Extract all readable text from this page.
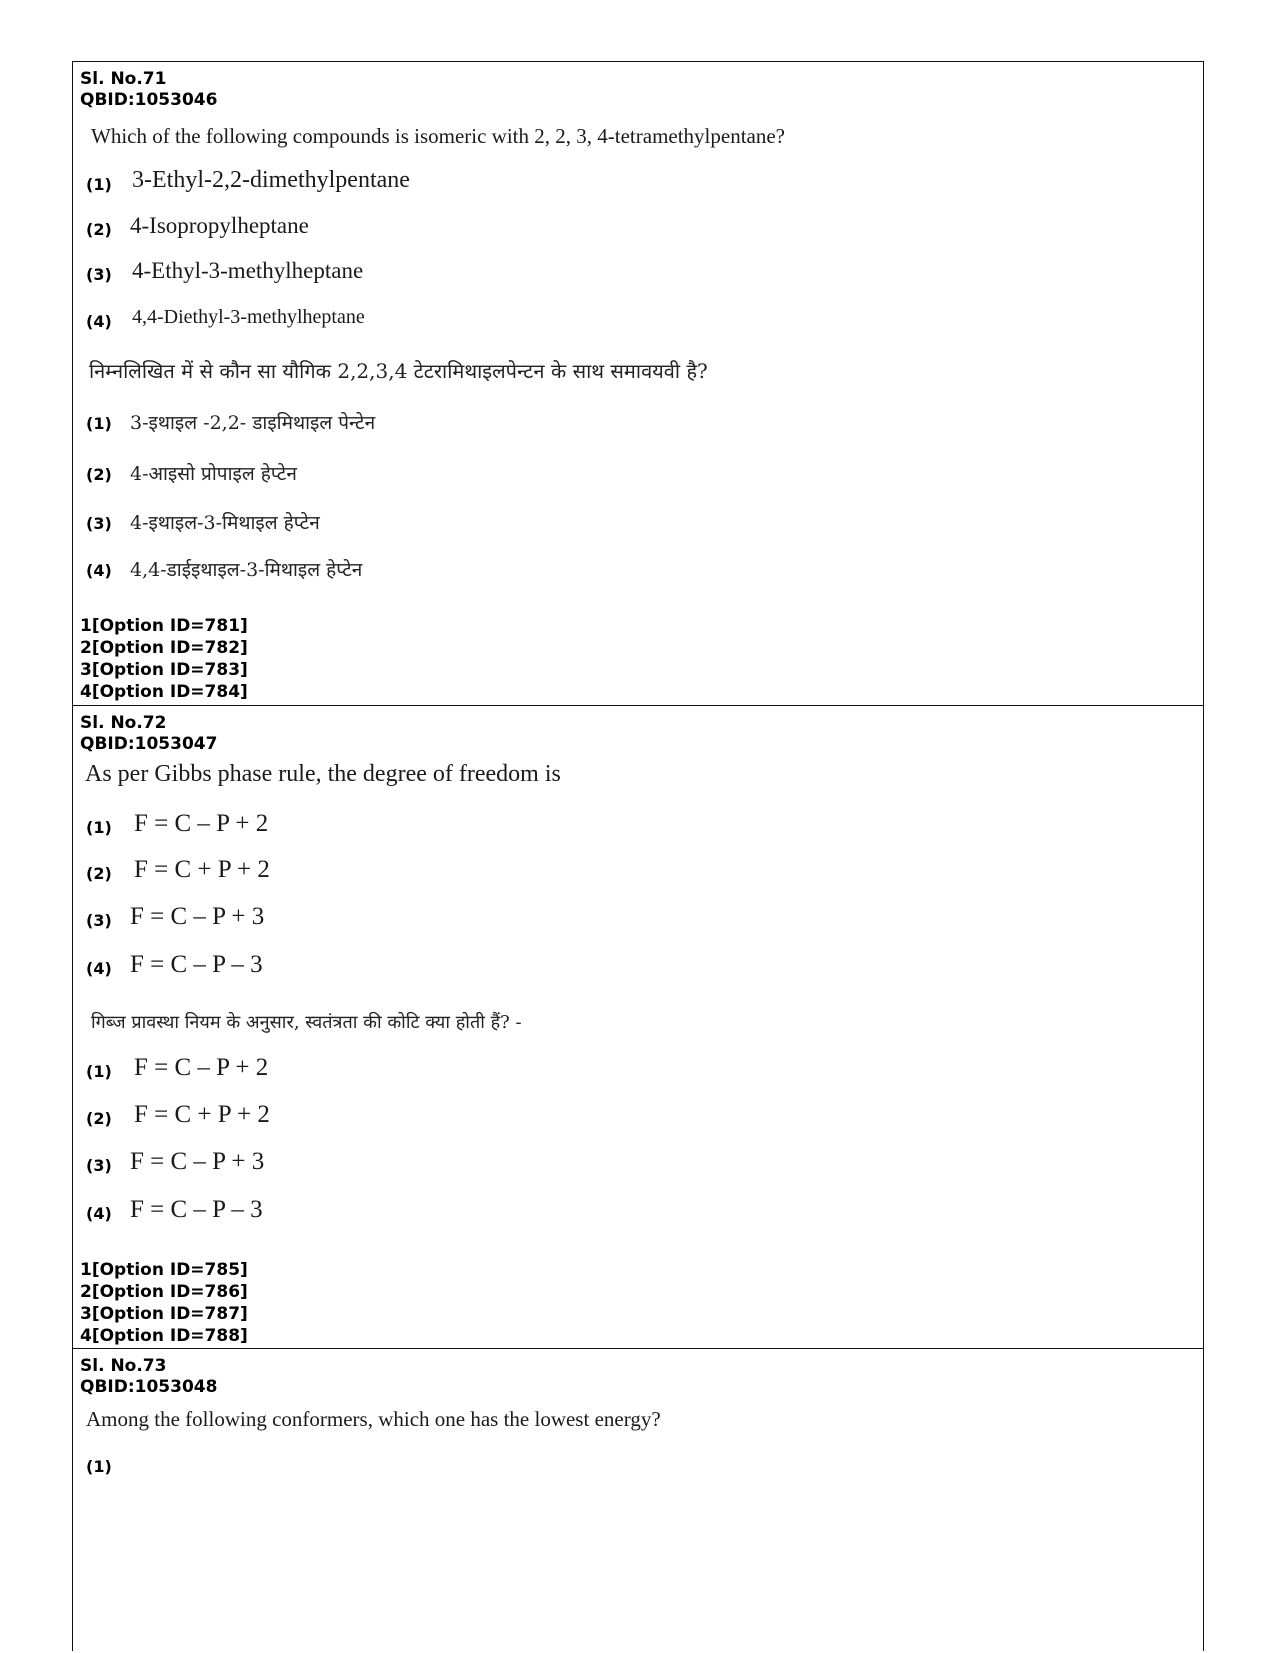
Sl. No.71
QBID:1053046
Which of the following compounds is isomeric with 2, 2, 3, 4-tetramethylpentane?
(1) 3-Ethyl-2,2-dimethylpentane
(2) 4-Isopropylheptane
(3) 4-Ethyl-3-methylheptane
(4) 4,4-Diethyl-3-methylheptane
निम्नलिखित में से कौन सा यौगिक 2,2,3,4 टेटरामिथाइलपेन्टन के साथ समावयवी है?
(1) 3-इथाइल -2,2- डाइमिथाइल पेन्टेन
(2) 4-आइसो प्रोपाइल हेप्टेन
(3) 4-इथाइल-3-मिथाइल हेप्टेन
(4) 4,4-डाईइथाइल-3-मिथाइल हेप्टेन
1[Option ID=781]
2[Option ID=782]
3[Option ID=783]
4[Option ID=784]
Sl. No.72
QBID:1053047
As per Gibbs phase rule, the degree of freedom is
(1) F = C – P + 2
(2) F = C + P + 2
(3) F = C – P + 3
(4) F = C – P – 3
गिब्ज प्रावस्था नियम के अनुसार, स्वतंत्रता की कोटि क्या होती हैं? -
(1) F = C – P + 2
(2) F = C + P + 2
(3) F = C – P + 3
(4) F = C – P – 3
1[Option ID=785]
2[Option ID=786]
3[Option ID=787]
4[Option ID=788]
Sl. No.73
QBID:1053048
Among the following conformers, which one has the lowest energy?
(1)
